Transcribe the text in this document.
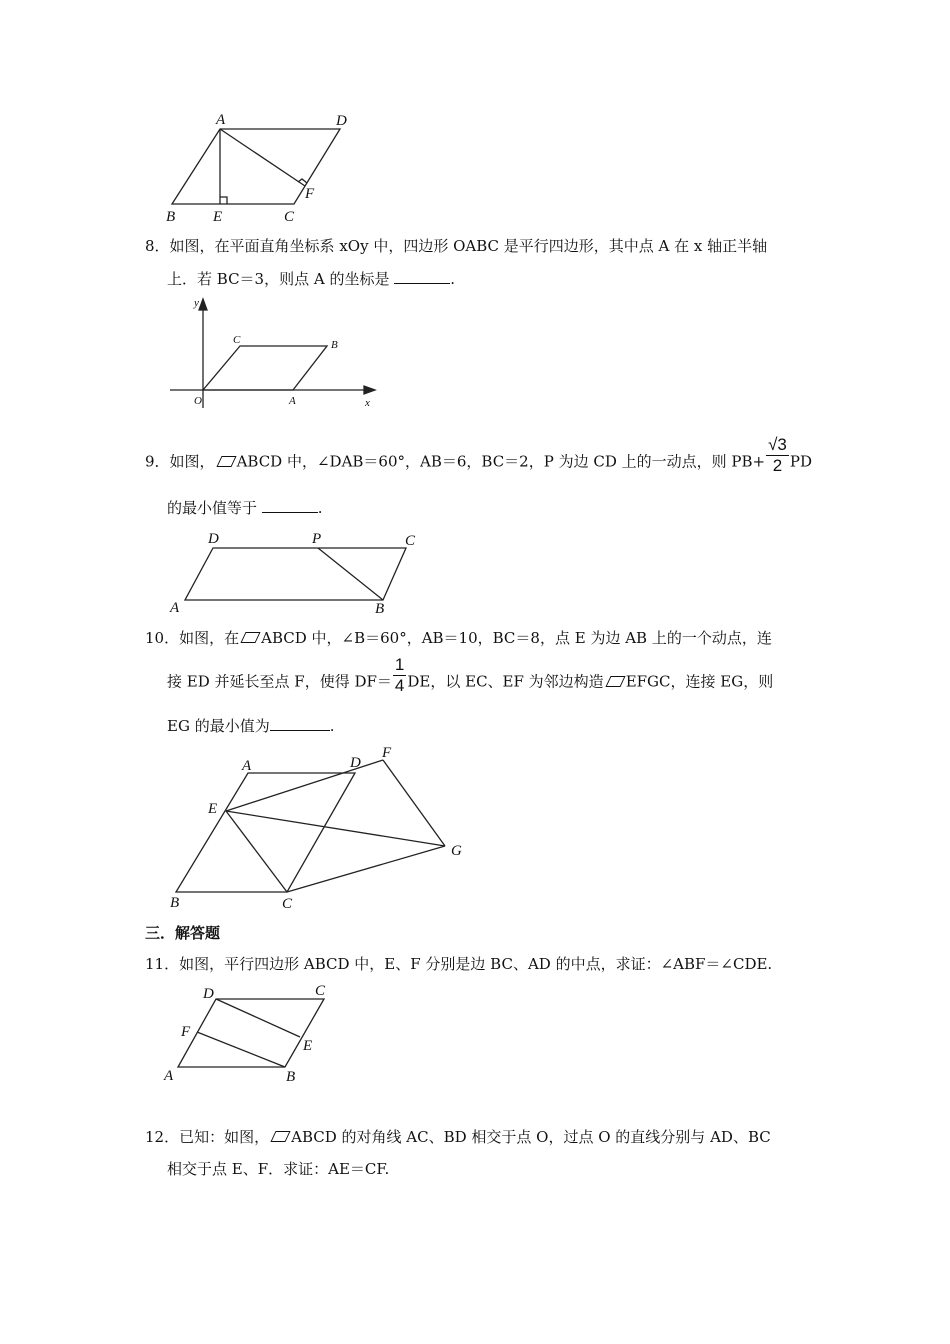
A	D
B	E	C
F
8．如图，在平面直角坐标系 xOy 中，四边形 OABC 是平行四边形，其中点 A 在 x 轴正半轴
上．若 BC＝3，则点 A 的坐标是	.
y
C	B
O	A	x
9．如图， ABCD 中，∠DAB＝60°，AB＝6，BC＝2，P 为边 CD 上的一动点，则 $PB+ \frac{√3}{2}$ PD
的最小值等于	.
D	P	C
A	B
10．如图，在 ABCD 中，∠B＝60°，AB＝10，BC＝8，点 E 为边 AB 上的一个动点，连
接 ED 并延长至点 F，使得 $DF= \frac{1}{4}$ DE，以 EC、EF 为邻边构造 EFGC，连接 EG，则
EG 的最小值为	.
A	D
F
E
G
B	C
三．解答题
11．如图，平行四边形 ABCD 中，E、F 分别是边 BC、AD 的中点，求证：∠ABF＝∠CDE.
D	C
F
E
A	B
12．已知：如图， ABCD 的对角线 AC、BD 相交于点 O，过点 O 的直线分别与 AD、BC
相交于点 E、F．求证：AE＝CF.
